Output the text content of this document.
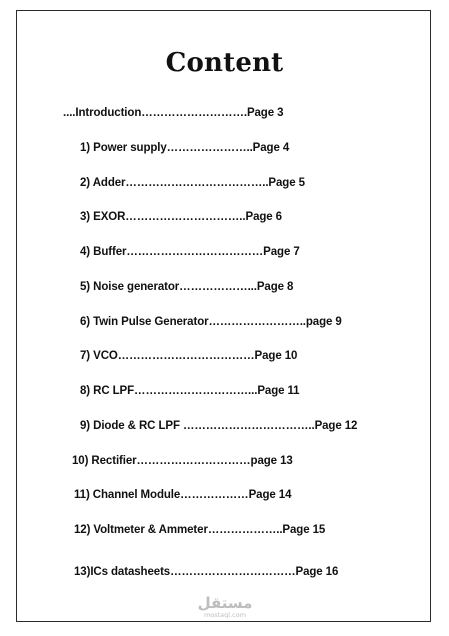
Content
....Introduction……………………….Page 3
1) Power supply…………………..Page 4
2) Adder………………………………..Page 5
3) EXOR…………………………..Page 6
4) Buffer………………………………Page 7
5) Noise generator………………...Page 8
6) Twin Pulse Generator……………………..page 9
7) VCO………………………………Page 10
8) RC LPF…………………………...Page 11
9) Diode & RC LPF ……………………………..Page 12
10) Rectifier…………………………page 13
11) Channel Module………………Page 14
12) Voltmeter & Ammeter………………..Page 15
13)ICs datasheets……………………………Page 16
مستقل
mostaql.com
